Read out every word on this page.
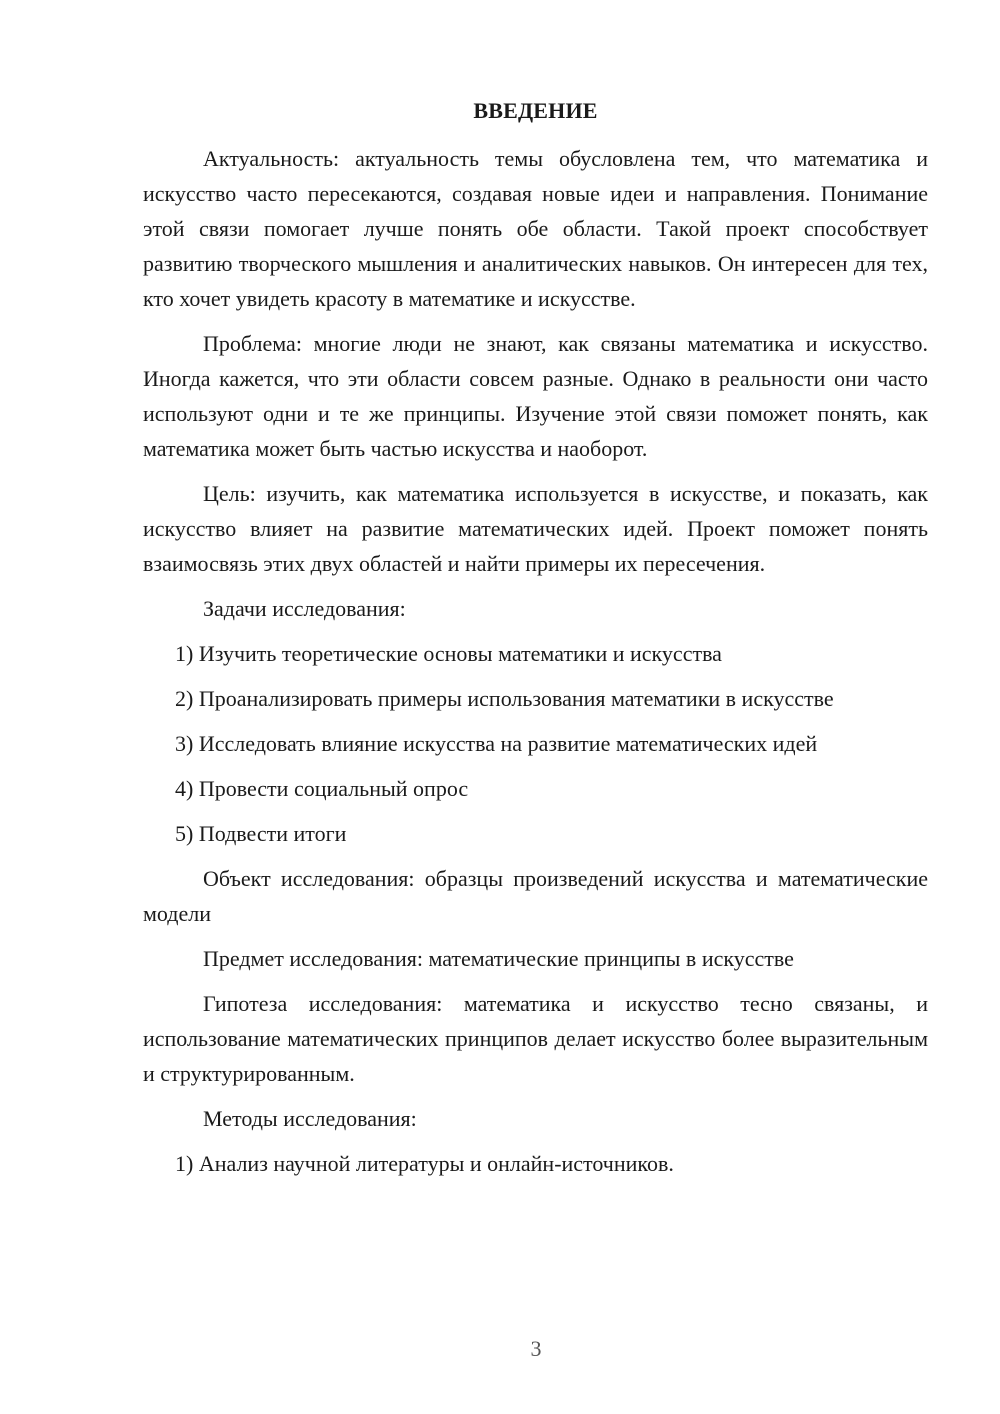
ВВЕДЕНИЕ

Актуальность: актуальность темы обусловлена тем, что математика и искусство часто пересекаются, создавая новые идеи и направления. Понимание этой связи помогает лучше понять обе области. Такой проект способствует развитию творческого мышления и аналитических навыков. Он интересен для тех, кто хочет увидеть красоту в математике и искусстве.

Проблема: многие люди не знают, как связаны математика и искусство. Иногда кажется, что эти области совсем разные. Однако в реальности они часто используют одни и те же принципы. Изучение этой связи поможет понять, как математика может быть частью искусства и наоборот.

Цель: изучить, как математика используется в искусстве, и показать, как искусство влияет на развитие математических идей. Проект поможет понять взаимосвязь этих двух областей и найти примеры их пересечения.

Задачи исследования:

1) Изучить теоретические основы математики и искусства

2) Проанализировать примеры использования математики в искусстве

3) Исследовать влияние искусства на развитие математических идей

4) Провести социальный опрос

5) Подвести итоги

Объект исследования: образцы произведений искусства и математические модели

Предмет исследования: математические принципы в искусстве

Гипотеза исследования: математика и искусство тесно связаны, и использование математических принципов делает искусство более выразительным и структурированным.

Методы исследования:

1) Анализ научной литературы и онлайн-источников.

3
